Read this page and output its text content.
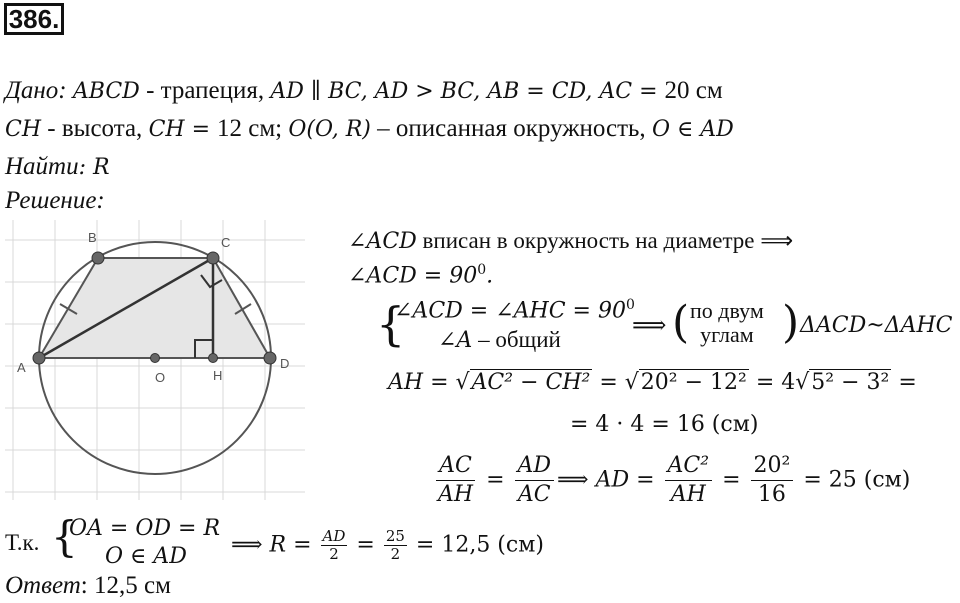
386.
Дано: ABCD - трапеция, AD ∥ BC, AD > BC, AB = CD, AC = 20 см
CH - высота, CH = 12 см; O(O, R) – описанная окружность, O ∈ AD
Найти: R
Решение:
A
B	C
D
O	H
∠ACD вписан в окружность на диаметре ⟹
∠ACD = $90^0$.
{
∠ACD = ∠AHC = $90^0$
∠A – общий
⟹ ( по двум
углам ) ΔACD~ΔAHC
AH = √AC² − CH² = √20² − 12² = 4√5² − 3² =
= 4 · 4 = 16 (см)
$\frac{AC}{AH} = \frac{AD}{AC}$ ⟹ AD = $\frac{\text{AC²}}{AH} = \frac{\text{20²}}{16} = 25$ (см)
Т.к. {
OA = OD = R
O ∈ AD ⟹ $R = \frac{AD}{2} = \frac{25}{2} = 12,5$ (см)
Ответ: 12,5 см
